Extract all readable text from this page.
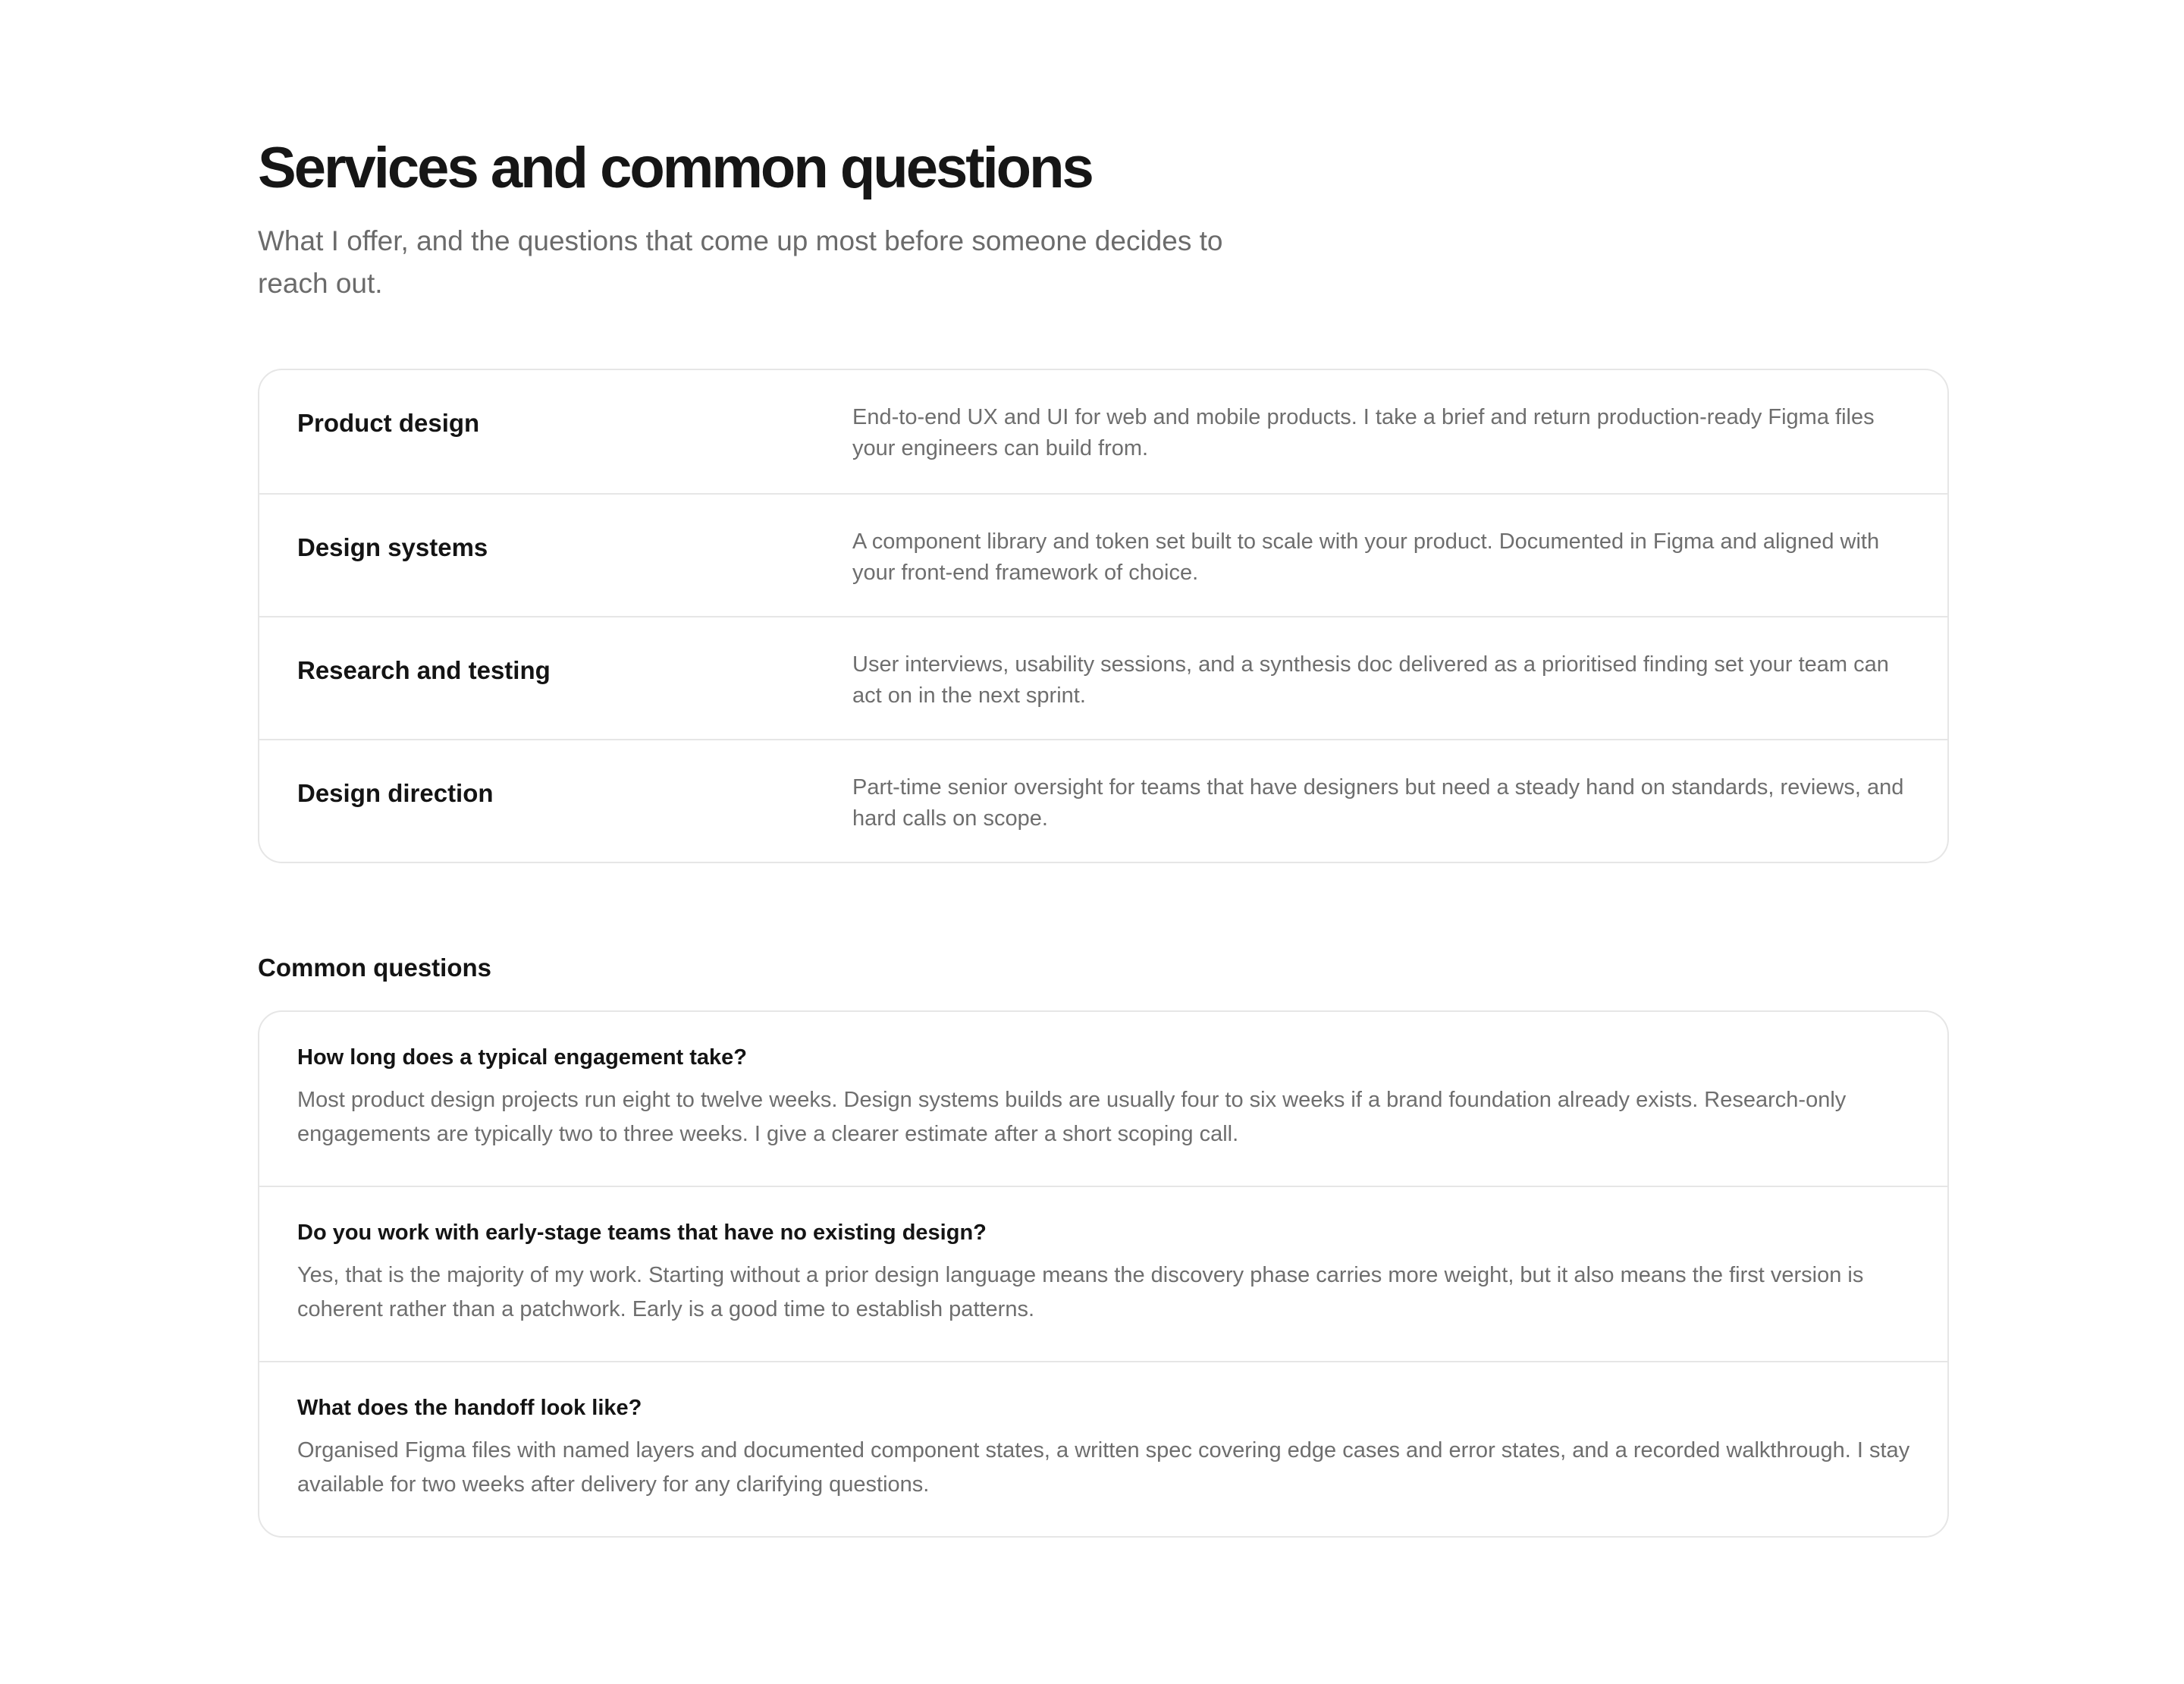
Services and common questions

What I offer, and the questions that come up most before someone decides to reach out.

Product design	End-to-end UX and UI for web and mobile products. I take a brief and return production-ready Figma files your engineers can build from.
Design systems	A component library and token set built to scale with your product. Documented in Figma and aligned with your front-end framework of choice.
Research and testing	User interviews, usability sessions, and a synthesis doc delivered as a prioritised finding set your team can act on in the next sprint.
Design direction	Part-time senior oversight for teams that have designers but need a steady hand on standards, reviews, and hard calls on scope.
Common questions
How long does a typical engagement take?
Most product design projects run eight to twelve weeks. Design systems builds are usually four to six weeks if a brand foundation already exists. Research-only engagements are typically two to three weeks. I give a clearer estimate after a short scoping call.
Do you work with early-stage teams that have no existing design?
Yes, that is the majority of my work. Starting without a prior design language means the discovery phase carries more weight, but it also means the first version is coherent rather than a patchwork. Early is a good time to establish patterns.
What does the handoff look like?
Organised Figma files with named layers and documented component states, a written spec covering edge cases and error states, and a recorded walkthrough. I stay available for two weeks after delivery for any clarifying questions.
